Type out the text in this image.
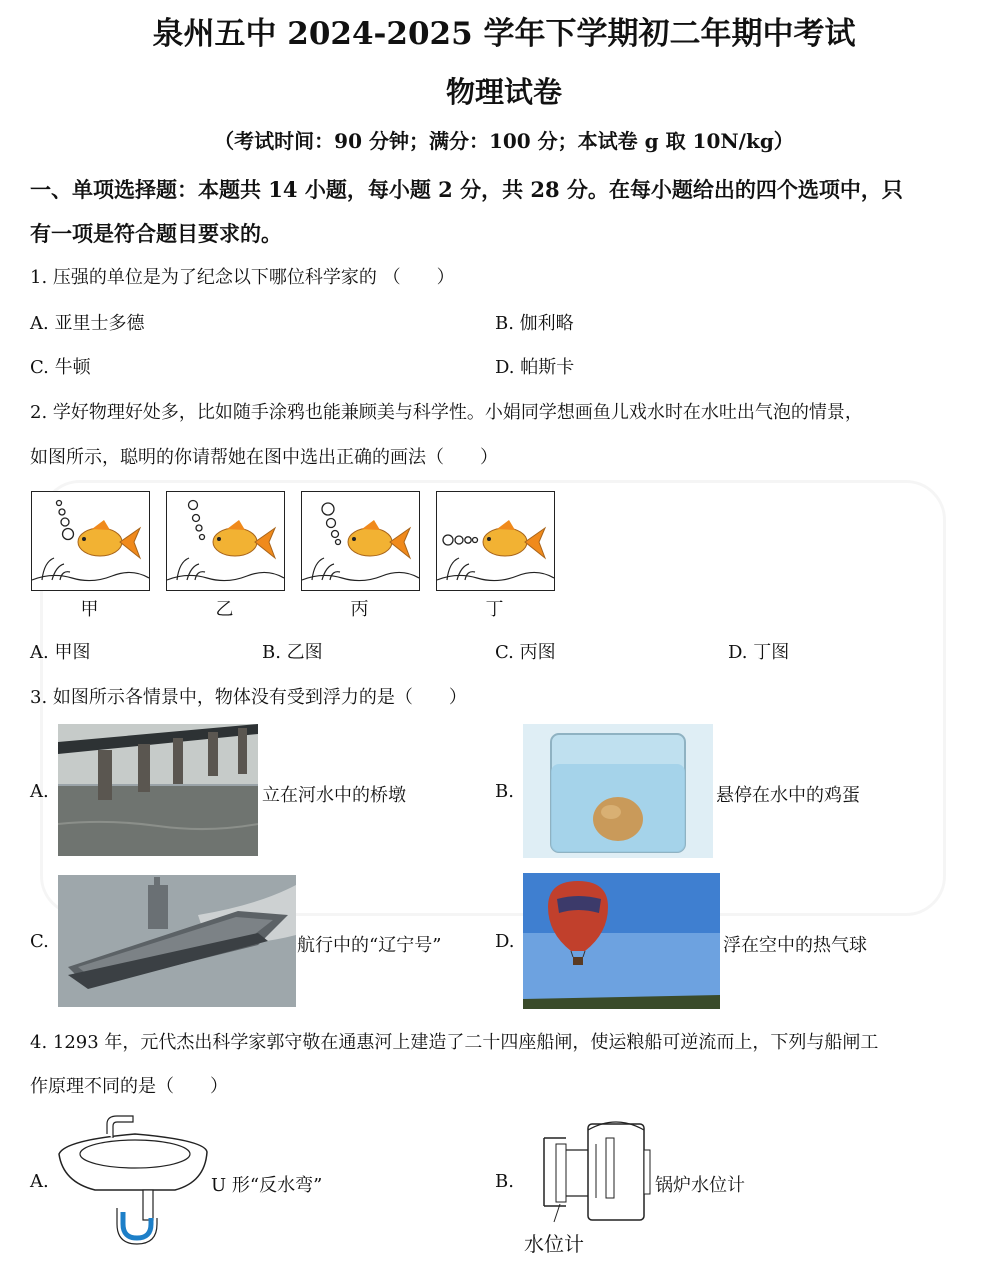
泉州五中 2024-2025 学年下学期初二年期中考试
物理试卷
（考试时间：90 分钟；满分：100 分；本试卷 g 取 10N/kg）
一、单项选择题：本题共 14 小题，每小题 2 分，共 28 分。在每小题给出的四个选项中，只
有一项是符合题目要求的。
1. 压强的单位是为了纪念以下哪位科学家的 （　　）
A. 亚里士多德	B. 伽利略
C. 牛顿	D. 帕斯卡
2. 学好物理好处多，比如随手涂鸦也能兼顾美与科学性。小娟同学想画鱼儿戏水时在水吐出气泡的情景，
如图所示，聪明的你请帮她在图中选出正确的画法（　　）
甲	乙	丙	丁
A. 甲图	B. 乙图	C. 丙图	D. 丁图
3. 如图所示各情景中，物体没有受到浮力的是（　　）
A.	立在河水中的桥墩	B.	悬停在水中的鸡蛋
C.	航行中的“辽宁号”	D.	浮在空中的热气球
4. 1293 年，元代杰出科学家郭守敬在通惠河上建造了二十四座船闸，使运粮船可逆流而上，下列与船闸工
作原理不同的是（　　）
A.	U 形“反水弯”	B.	锅炉水位计
水位计
